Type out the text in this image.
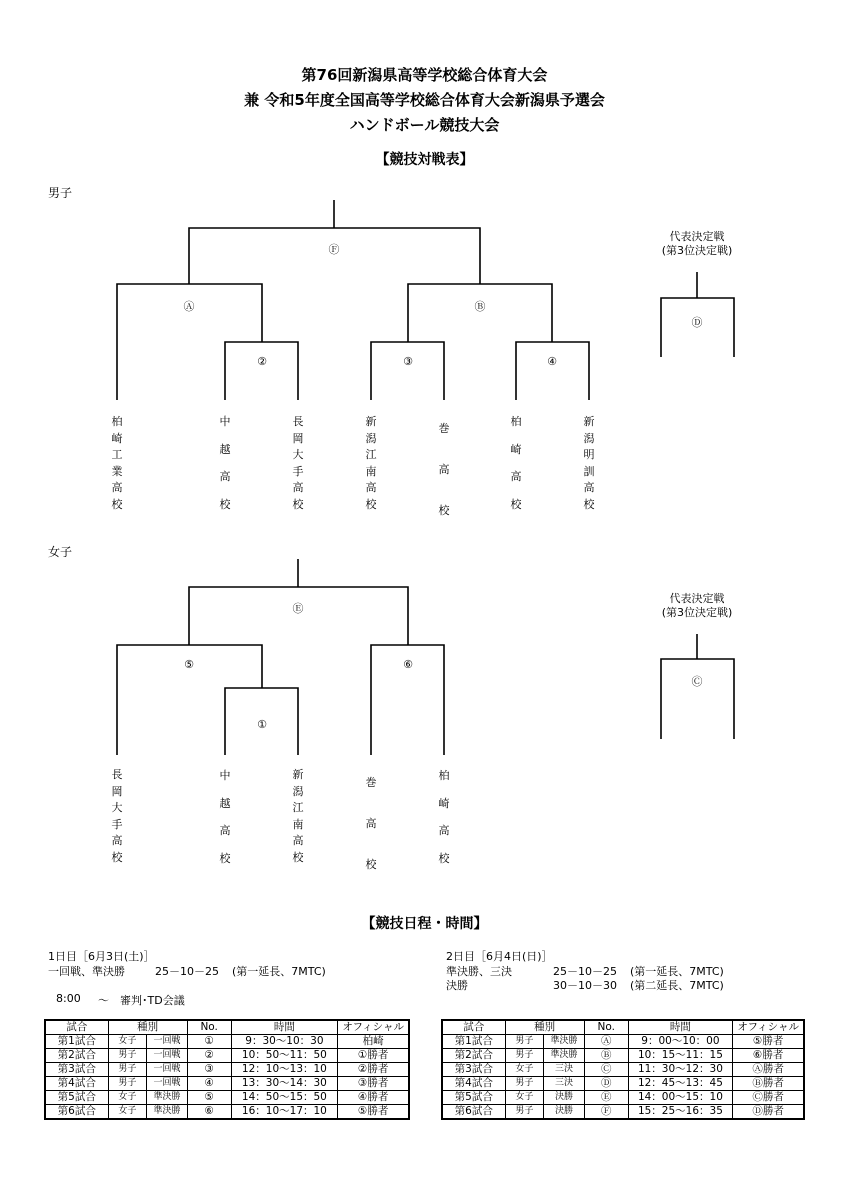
第76回新潟県高等学校総合体育大会
兼 令和5年度全国高等学校総合体育大会新潟県予選会
ハンドボール競技大会
【競技対戦表】
男子
Ⓕ
Ⓐ	Ⓑ
②	③	④
代表決定戦
(第3位決定戦)
Ⓓ
柏
崎
工
業
高
校
中
越
高
校
長
岡
大
手
高
校
新
潟
江
南
高
校
巻
高
校
柏
崎
高
校
新
潟
明
訓
高
校
女子
Ⓔ
⑤	⑥
①
代表決定戦
(第3位決定戦)
Ⓒ
長
岡
大
手
高
校
中
越
高
校
新
潟
江
南
高
校
巻
高
校
柏
崎
高
校
【競技日程・時間】
1日目［6月3日(土)］
一回戦、準決勝	25－10－25 (第一延長、7MTC)
8:00 ～ 審判･TD会議
2日目［6月4日(日)］
準決勝、三決	25－10－25 (第一延長、7MTC)
決勝	30－10－30 (第二延長、7MTC)
試合	種別		No.	時間	オフィシャル
第1試合	女子	一回戦	①	9：30～10：30	柏崎
第2試合	男子	一回戦	②	10：50～11：50	①勝者
第3試合	男子	一回戦	③	12：10～13：10	②勝者
第4試合	男子	一回戦	④	13：30～14：30	③勝者
第5試合	女子	準決勝	⑤	14：50～15：50	④勝者
第6試合	女子	準決勝	⑥	16：10～17：10	⑤勝者
試合	種別		No.	時間	オフィシャル
第1試合	男子	準決勝	Ⓐ	9：00～10：00	⑤勝者
第2試合	男子	準決勝	Ⓑ	10：15～11：15	⑥勝者
第3試合	女子	三決	Ⓒ	11：30～12：30	Ⓐ勝者
第4試合	男子	三決	Ⓓ	12：45～13：45	Ⓑ勝者
第5試合	女子	決勝	Ⓔ	14：00～15：10	Ⓒ勝者
第6試合	男子	決勝	Ⓕ	15：25～16：35	Ⓓ勝者
